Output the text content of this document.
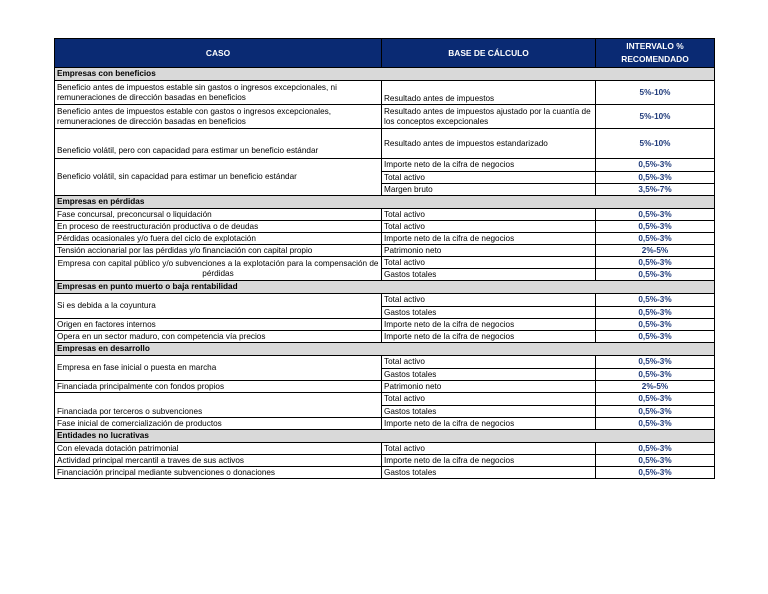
CASO	BASE DE CÁLCULO	INTERVALO % RECOMENDADO
Empresas con beneficios		
Beneficio antes de impuestos estable sin gastos o ingresos excepcionales, ni remuneraciones de dirección basadas en beneficios	Resultado antes de impuestos	5%-10%
Beneficio antes de impuestos estable con gastos o ingresos excepcionales, remuneraciones de dirección basadas en beneficios	Resultado antes de impuestos ajustado por la cuantía de los conceptos excepcionales	5%-10%
Beneficio volátil, pero con capacidad para estimar un beneficio estándar	Resultado antes de impuestos estandarizado	5%-10%
Beneficio volátil, sin capacidad para estimar un beneficio estándar	Importe neto de la cifra de negocios	0,5%-3%
	Total activo	0,5%-3%
	Margen bruto	3,5%-7%
Empresas en pérdidas		
Fase concursal, preconcursal o liquidación	Total activo	0,5%-3%
En proceso de reestructuración productiva o de deudas	Total activo	0,5%-3%
Pérdidas ocasionales y/o fuera del ciclo de explotación	Importe neto de la cifra de negocios	0,5%-3%
Tensión accionarial por las pérdidas y/o financiación con capital propio	Patrimonio neto	2%-5%
Empresa con capital público y/o subvenciones a la explotación para la compensación de pérdidas	Total activo	0,5%-3%
	Gastos totales	0,5%-3%
Empresas en punto muerto o baja rentabilidad		
Si es debida a la coyuntura	Total activo	0,5%-3%
	Gastos totales	0,5%-3%
Origen en factores internos	Importe neto de la cifra de negocios	0,5%-3%
Opera en un sector maduro, con competencia vía precios	Importe neto de la cifra de negocios	0,5%-3%
Empresas en desarrollo		
Empresa en fase inicial o puesta en marcha	Total activo	0,5%-3%
	Gastos totales	0,5%-3%
Financiada principalmente con fondos propios	Patrimonio neto	2%-5%
Financiada por terceros o subvenciones	Total activo	0,5%-3%
	Gastos totales	0,5%-3%
Fase inicial de comercialización de productos	Importe neto de la cifra de negocios	0,5%-3%
Entidades no lucrativas		
Con elevada dotación patrimonial	Total activo	0,5%-3%
Actividad principal mercantil a traves de sus activos	Importe neto de la cifra de negocios	0,5%-3%
Financiación principal mediante subvenciones o donaciones	Gastos totales	0,5%-3%
